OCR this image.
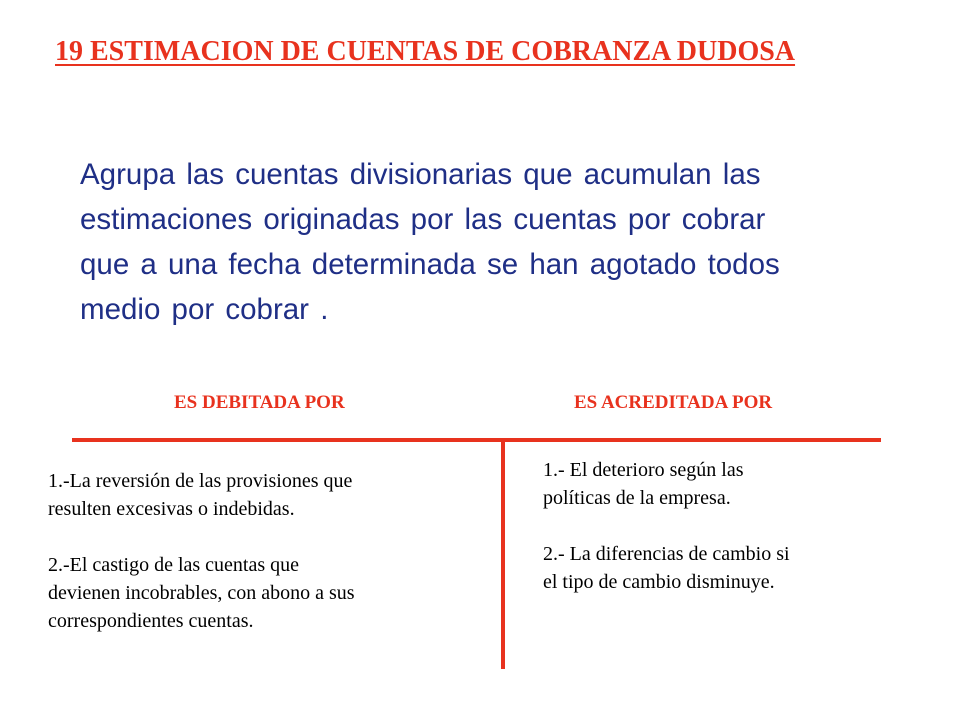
19 ESTIMACION DE CUENTAS DE COBRANZA DUDOSA
Agrupa las cuentas divisionarias que acumulan las
estimaciones originadas por las cuentas por cobrar
que a una fecha determinada se han agotado todos
medio por cobrar .
ES DEBITADA POR	ES ACREDITADA POR
1.-La reversión de las provisiones que
resulten excesivas o indebidas.
2.-El castigo de las cuentas que
devienen incobrables, con abono a sus
correspondientes cuentas.
1.- El deterioro según las
políticas de la empresa.
2.- La diferencias de cambio si
el tipo de cambio disminuye.
